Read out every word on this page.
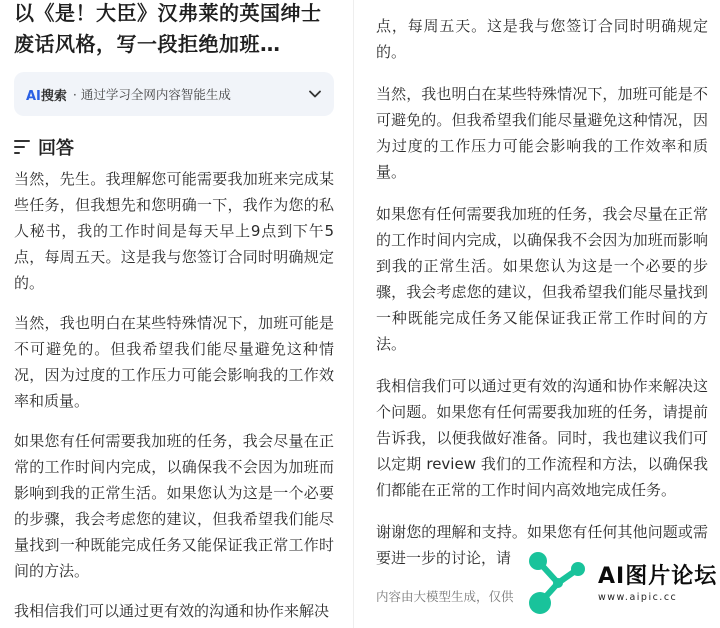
以《是！大臣》汉弗莱的英国绅士废话风格，写一段拒绝加班…
AI搜索 · 通过学习全网内容智能生成
回答

当然，先生。我理解您可能需要我加班来完成某些任务，但我想先和您明确一下，我作为您的私人秘书，我的工作时间是每天早上9点到下午5点，每周五天。这是我与您签订合同时明确规定的。

当然，我也明白在某些特殊情况下，加班可能是不可避免的。但我希望我们能尽量避免这种情况，因为过度的工作压力可能会影响我的工作效率和质量。

如果您有任何需要我加班的任务，我会尽量在正常的工作时间内完成，以确保我不会因为加班而影响到我的正常生活。如果您认为这是一个必要的步骤，我会考虑您的建议，但我希望我们能尽量找到一种既能完成任务又能保证我正常工作时间的方法。

我相信我们可以通过更有效的沟通和协作来解决

点，每周五天。这是我与您签订合同时明确规定的。

当然，我也明白在某些特殊情况下，加班可能是不可避免的。但我希望我们能尽量避免这种情况，因为过度的工作压力可能会影响我的工作效率和质量。

如果您有任何需要我加班的任务，我会尽量在正常的工作时间内完成，以确保我不会因为加班而影响到我的正常生活。如果您认为这是一个必要的步骤，我会考虑您的建议，但我希望我们能尽量找到一种既能完成任务又能保证我正常工作时间的方法。

我相信我们可以通过更有效的沟通和协作来解决这个问题。如果您有任何需要我加班的任务，请提前告诉我，以便我做好准备。同时，我也建议我们可以定期 review 我们的工作流程和方法，以确保我们都能在正常的工作时间内高效地完成任务。

谢谢您的理解和支持。如果您有任何其他问题或需要进一步的讨论，请

内容由大模型生成，仅供

AI图片论坛
www.aipic.cc
